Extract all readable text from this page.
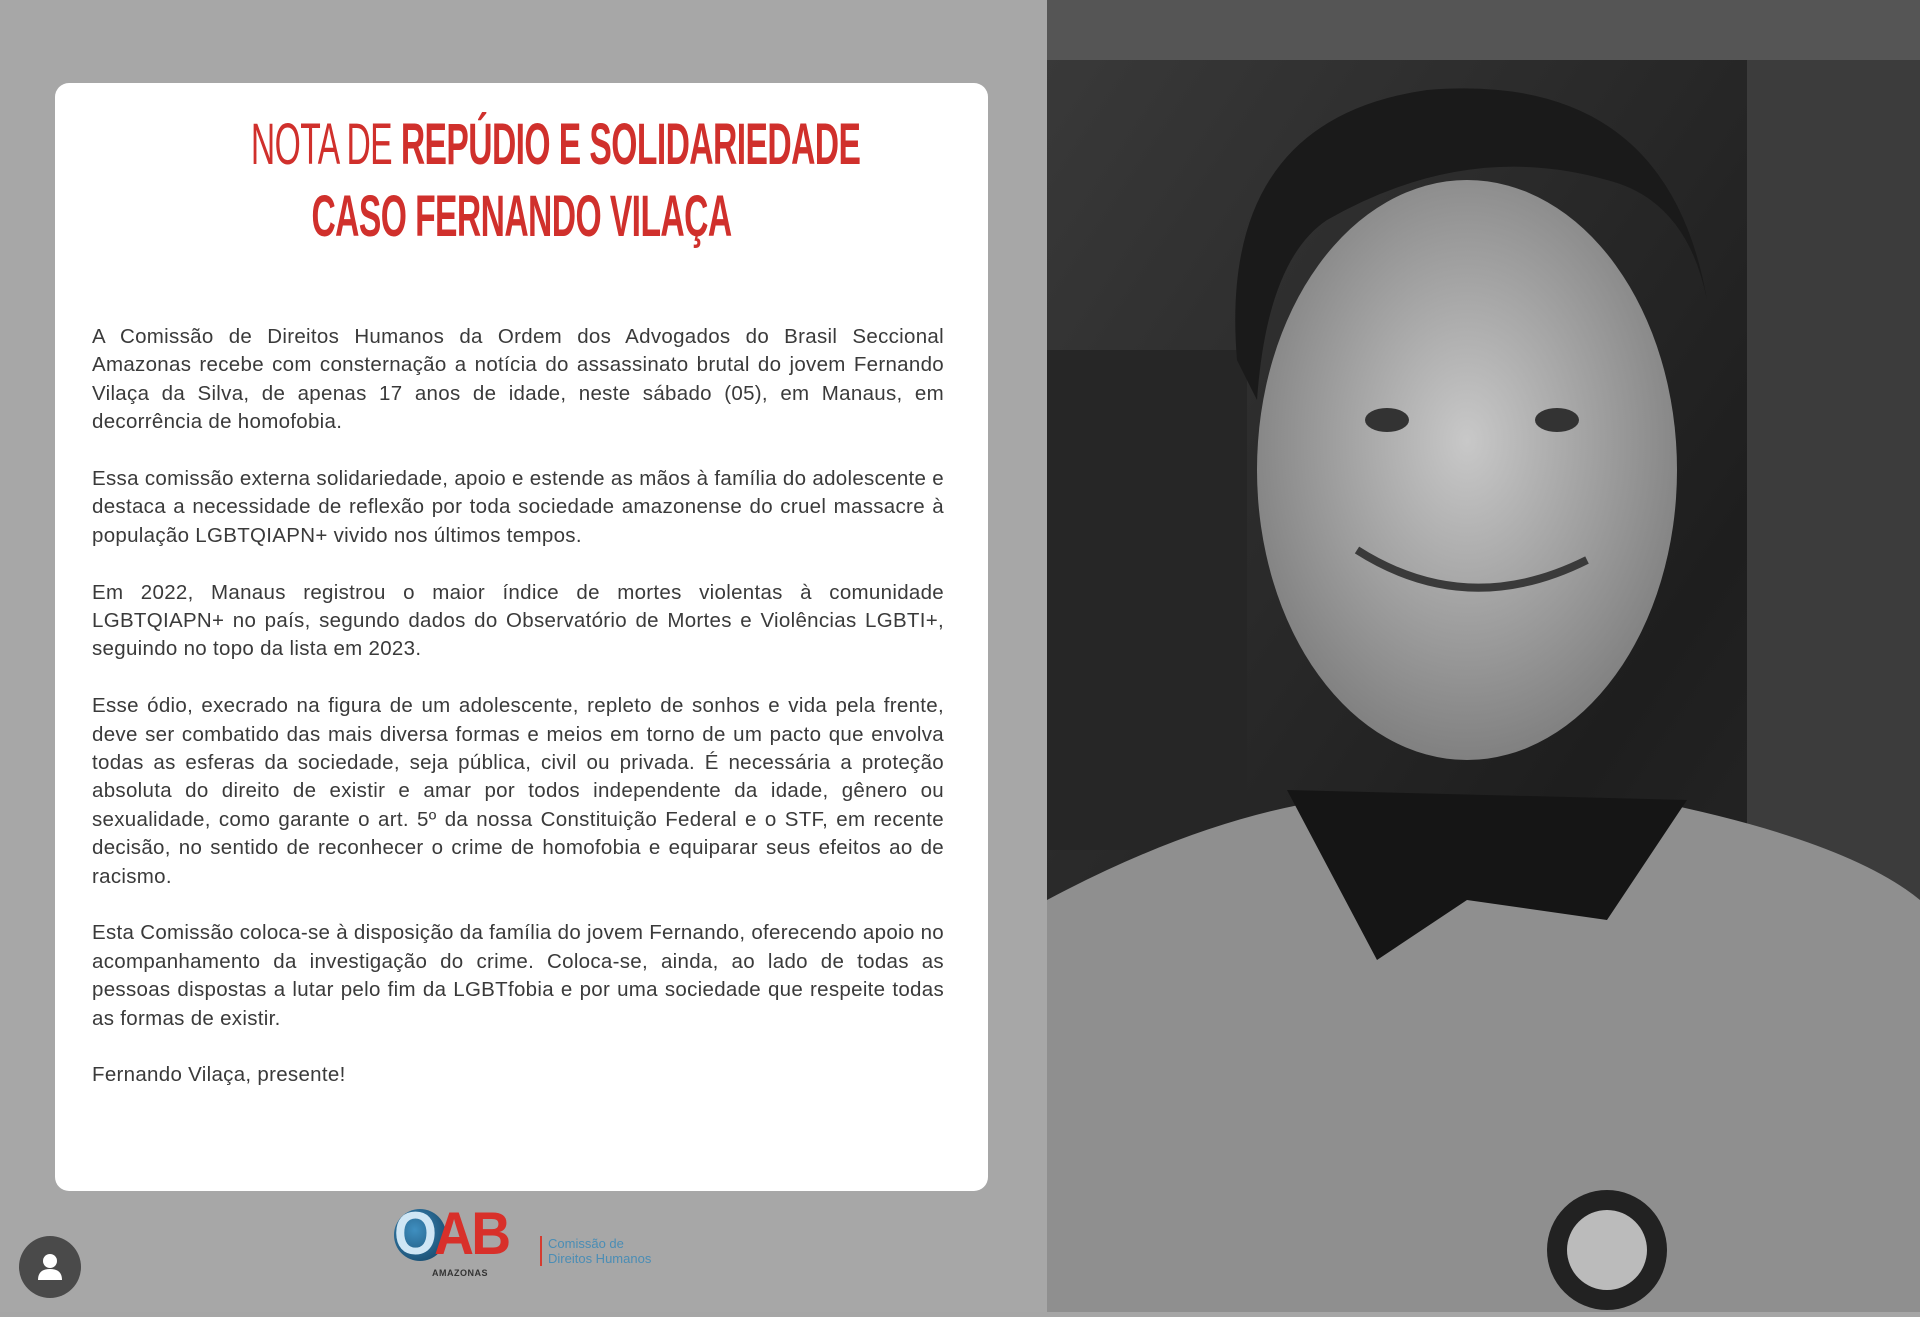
NOTA DE REPÚDIO E SOLIDARIEDADE
CASO FERNANDO VILAÇA

A Comissão de Direitos Humanos da Ordem dos Advogados do Brasil Seccional Amazonas recebe com consternação a notícia do assassinato brutal do jovem Fernando Vilaça da Silva, de apenas 17 anos de idade, neste sábado (05), em Manaus, em decorrência de homofobia.

Essa comissão externa solidariedade, apoio e estende as mãos à família do adolescente e destaca a necessidade de reflexão por toda sociedade amazonense do cruel massacre à população LGBTQIAPN+ vivido nos últimos tempos.

Em 2022, Manaus registrou o maior índice de mortes violentas à comunidade LGBTQIAPN+ no país, segundo dados do Observatório de Mortes e Violências LGBTI+, seguindo no topo da lista em 2023.

Esse ódio, execrado na figura de um adolescente, repleto de sonhos e vida pela frente, deve ser combatido das mais diversa formas e meios em torno de um pacto que envolva todas as esferas da sociedade, seja pública, civil ou privada. É necessária a proteção absoluta do direito de existir e amar por todos independente da idade, gênero ou sexualidade, como garante o art. 5º da nossa Constituição Federal e o STF, em recente decisão, no sentido de reconhecer o crime de homofobia e equiparar seus efeitos ao de racismo.

Esta Comissão coloca-se à disposição da família do jovem Fernando, oferecendo apoio no acompanhamento da investigação do crime. Coloca-se, ainda, ao lado de todas as pessoas dispostas a lutar pelo fim da LGBTfobia e por uma sociedade que respeite todas as formas de existir.

Fernando Vilaça, presente!

OAB
AMAZONAS
Comissão de
Direitos Humanos
